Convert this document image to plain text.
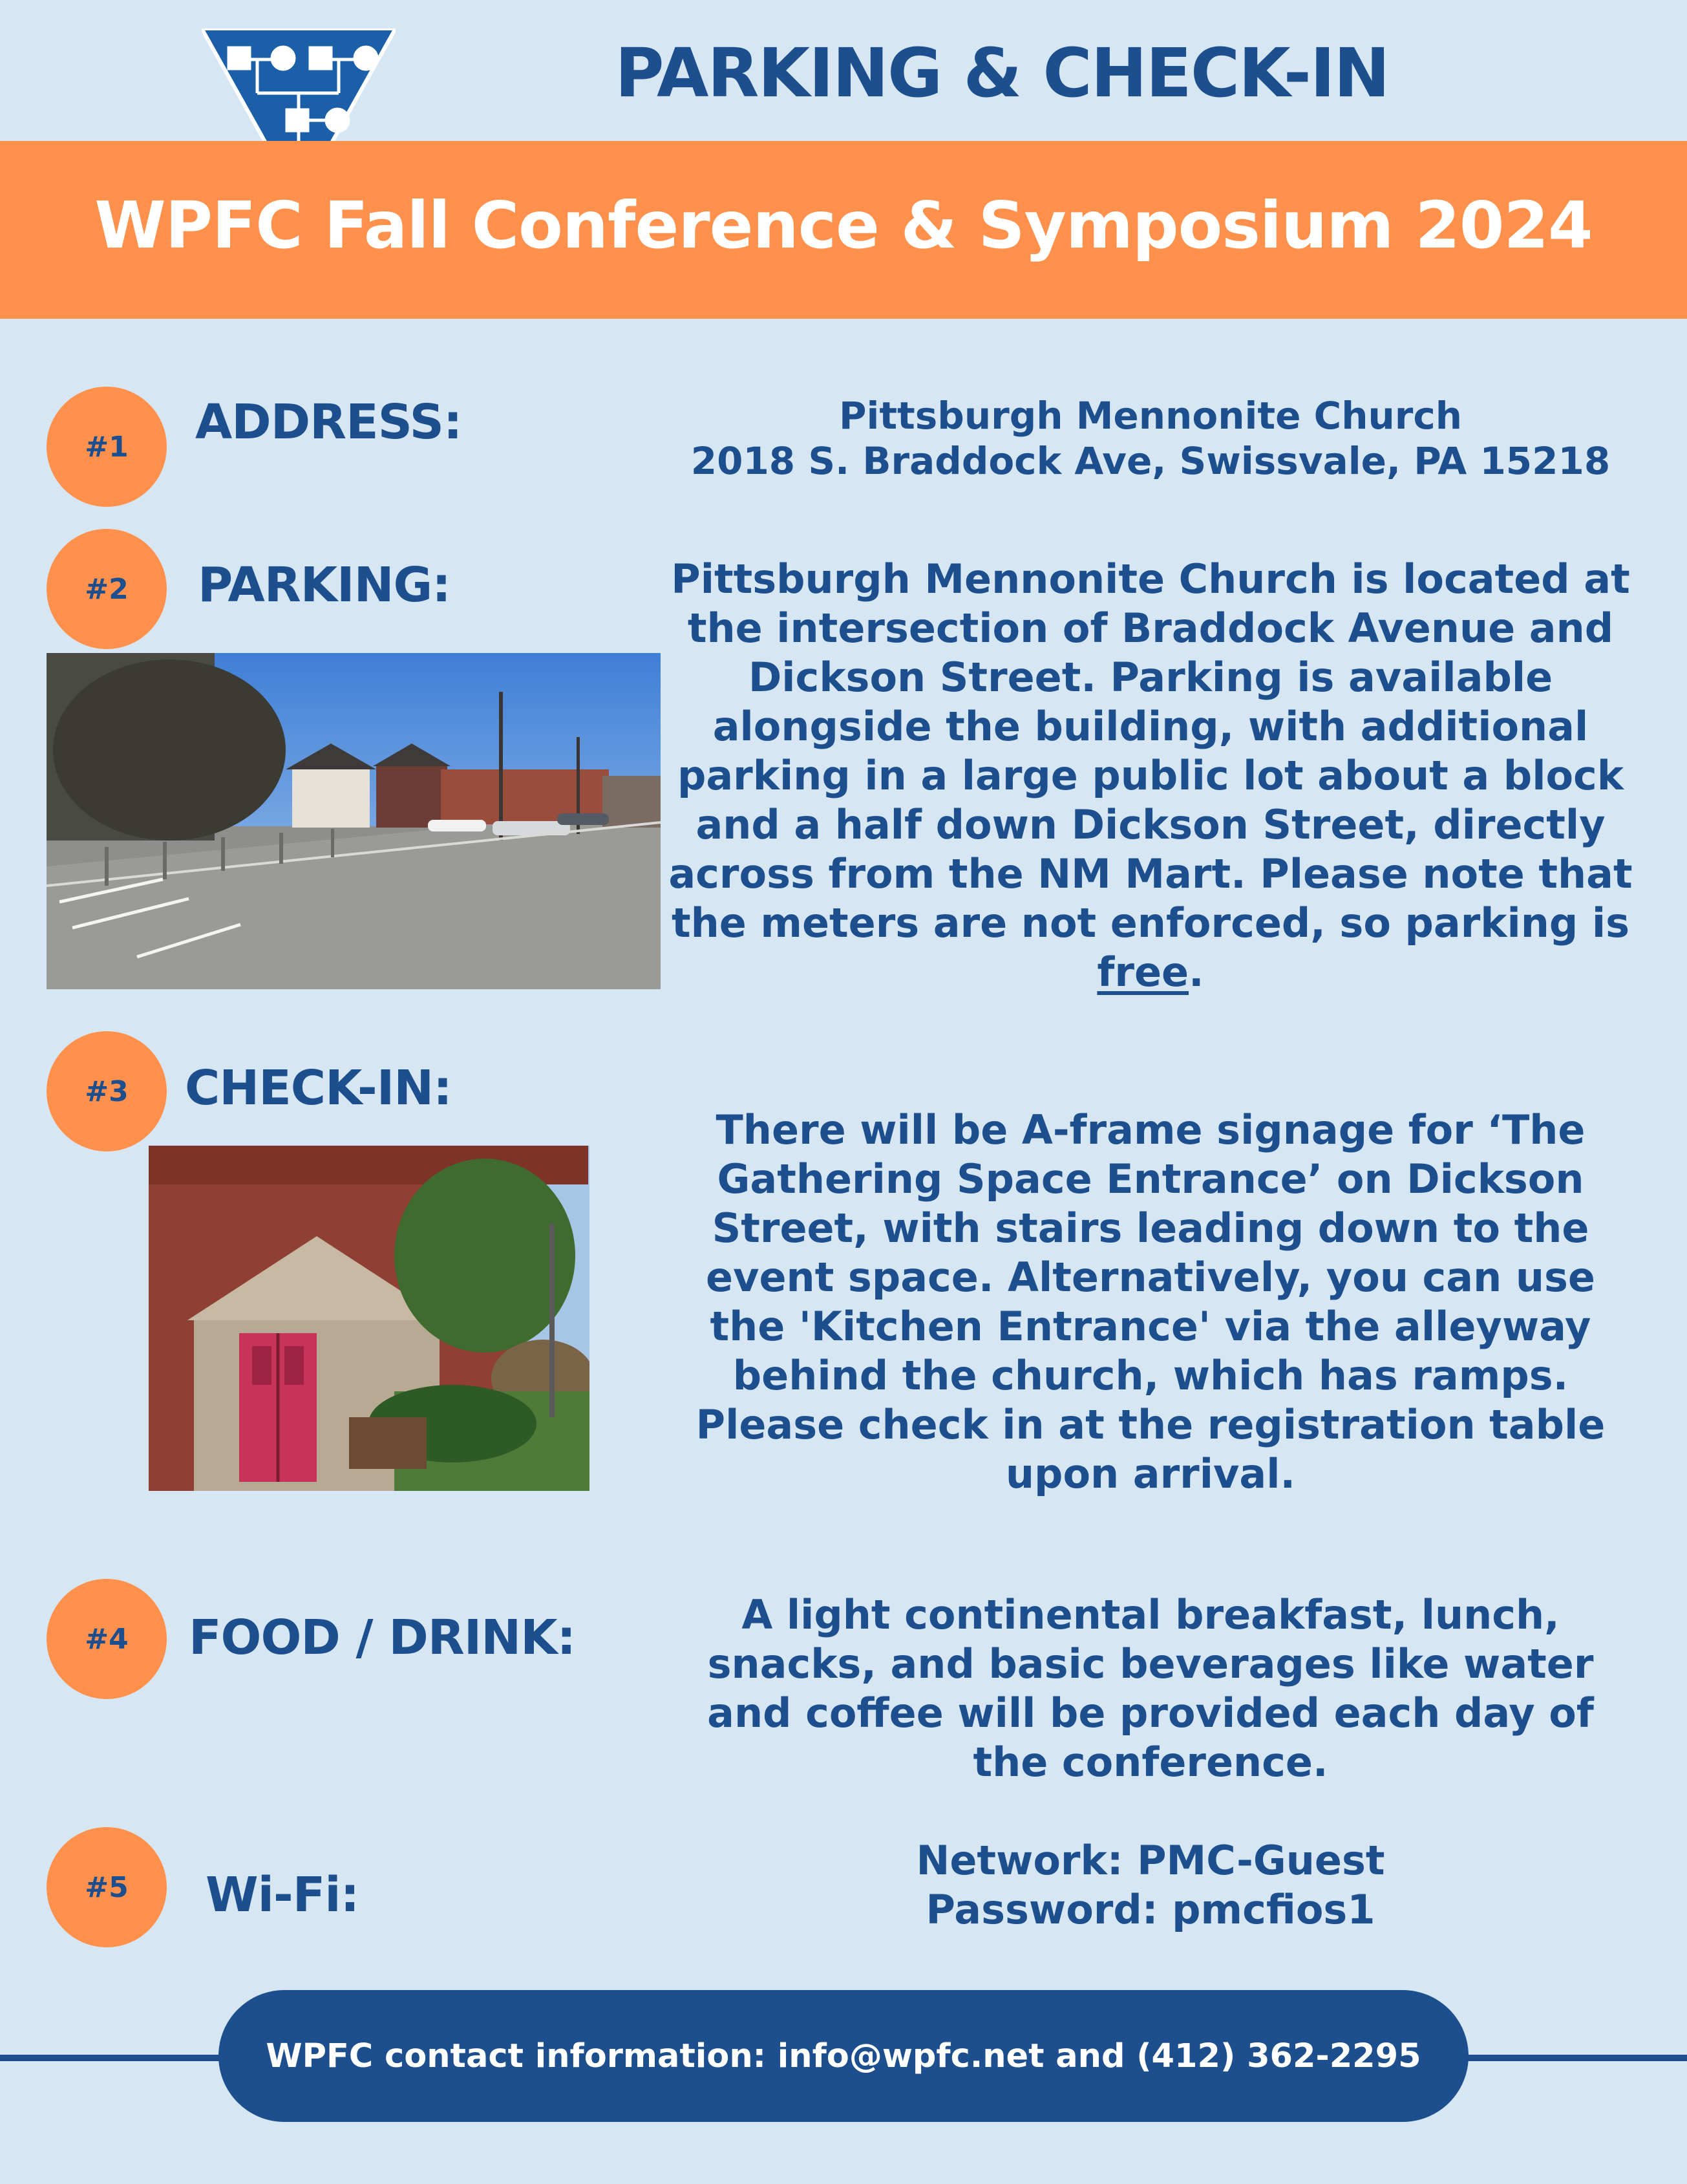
PARKING & CHECK-IN
WPFC Fall Conference & Symposium 2024
#1	ADDRESS:	Pittsburgh Mennonite Church
2018 S. Braddock Ave, Swissvale, PA 15218
#2	PARKING:	Pittsburgh Mennonite Church is located at the intersection of Braddock Avenue and Dickson Street. Parking is available alongside the building, with additional parking in a large public lot about a block and a half down Dickson Street, directly across from the NM Mart. Please note that the meters are not enforced, so parking is free.
#3	CHECK-IN:
There will be A-frame signage for ‘The Gathering Space Entrance’ on Dickson Street, with stairs leading down to the event space. Alternatively, you can use the 'Kitchen Entrance' via the alleyway behind the church, which has ramps. Please check in at the registration table upon arrival.
#4	FOOD / DRINK:	A light continental breakfast, lunch, snacks, and basic beverages like water and coffee will be provided each day of the conference.
#5	Wi-Fi:
Network: PMC-Guest
Password: pmcfios1
WPFC contact information: info@wpfc.net and (412) 362-2295
